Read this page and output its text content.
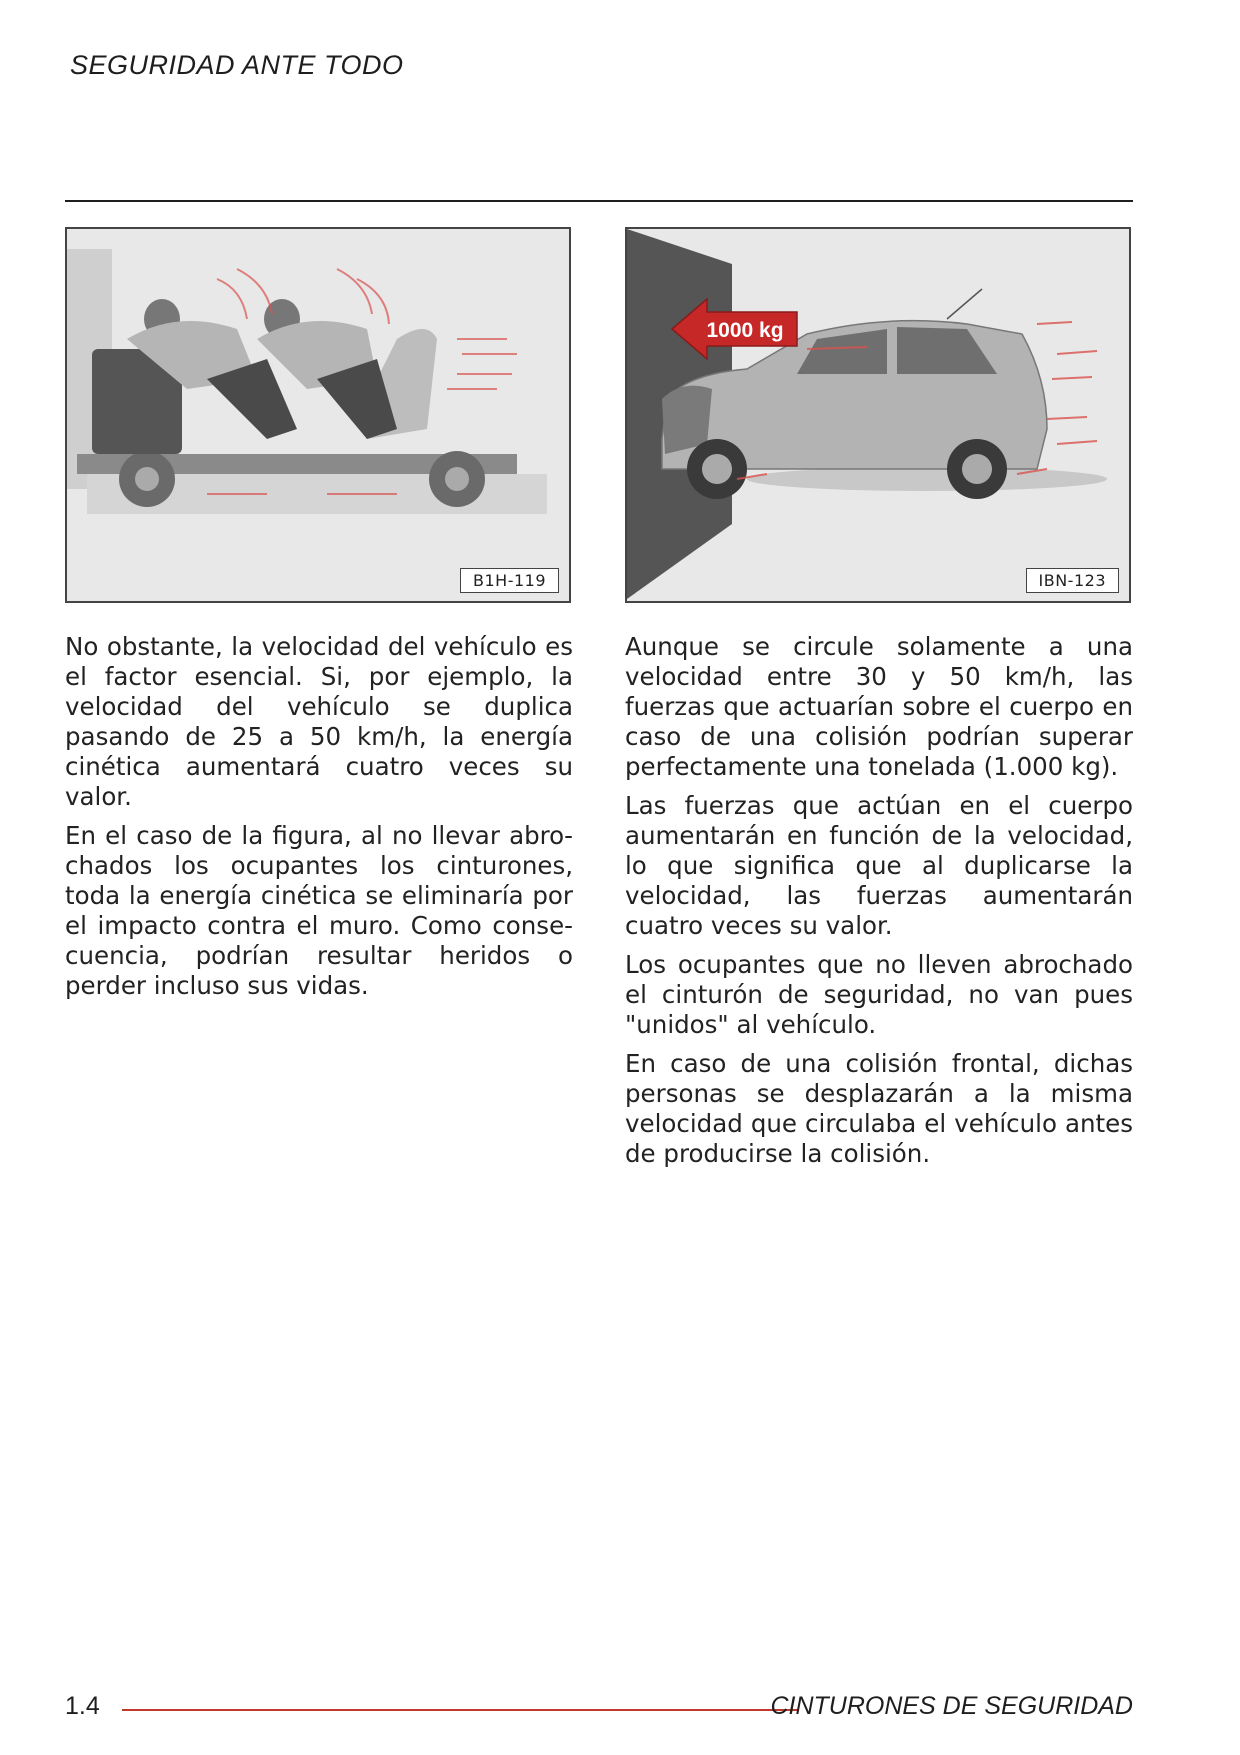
SEGURIDAD ANTE TODO
B1H-119
1000 kg
IBN-123

No obstante, la velocidad del vehículo es el factor esencial. Si, por ejemplo, la velocidad del vehículo se duplica pasando de 25 a 50 km/h, la energía cinética aumentará cuatro veces su valor.

En el caso de la figura, al no llevar abrochados los ocupantes los cinturones, toda la energía cinética se eliminaría por el impacto contra el muro. Como consecuencia, podrían resultar heridos o perder incluso sus vidas.

Aunque se circule solamente a una velocidad entre 30 y 50 km/h, las fuerzas que actuarían sobre el cuerpo en caso de una colisión podrían superar perfectamente una tonelada (1.000 kg).

Las fuerzas que actúan en el cuerpo aumentarán en función de la velocidad, lo que significa que al duplicarse la velocidad, las fuerzas aumentarán cuatro veces su valor.

Los ocupantes que no lleven abrochado el cinturón de seguridad, no van pues "unidos" al vehículo.

En caso de una colisión frontal, dichas personas se desplazarán a la misma velocidad que circulaba el vehículo antes de producirse la colisión.

1.4	CINTURONES DE SEGURIDAD
